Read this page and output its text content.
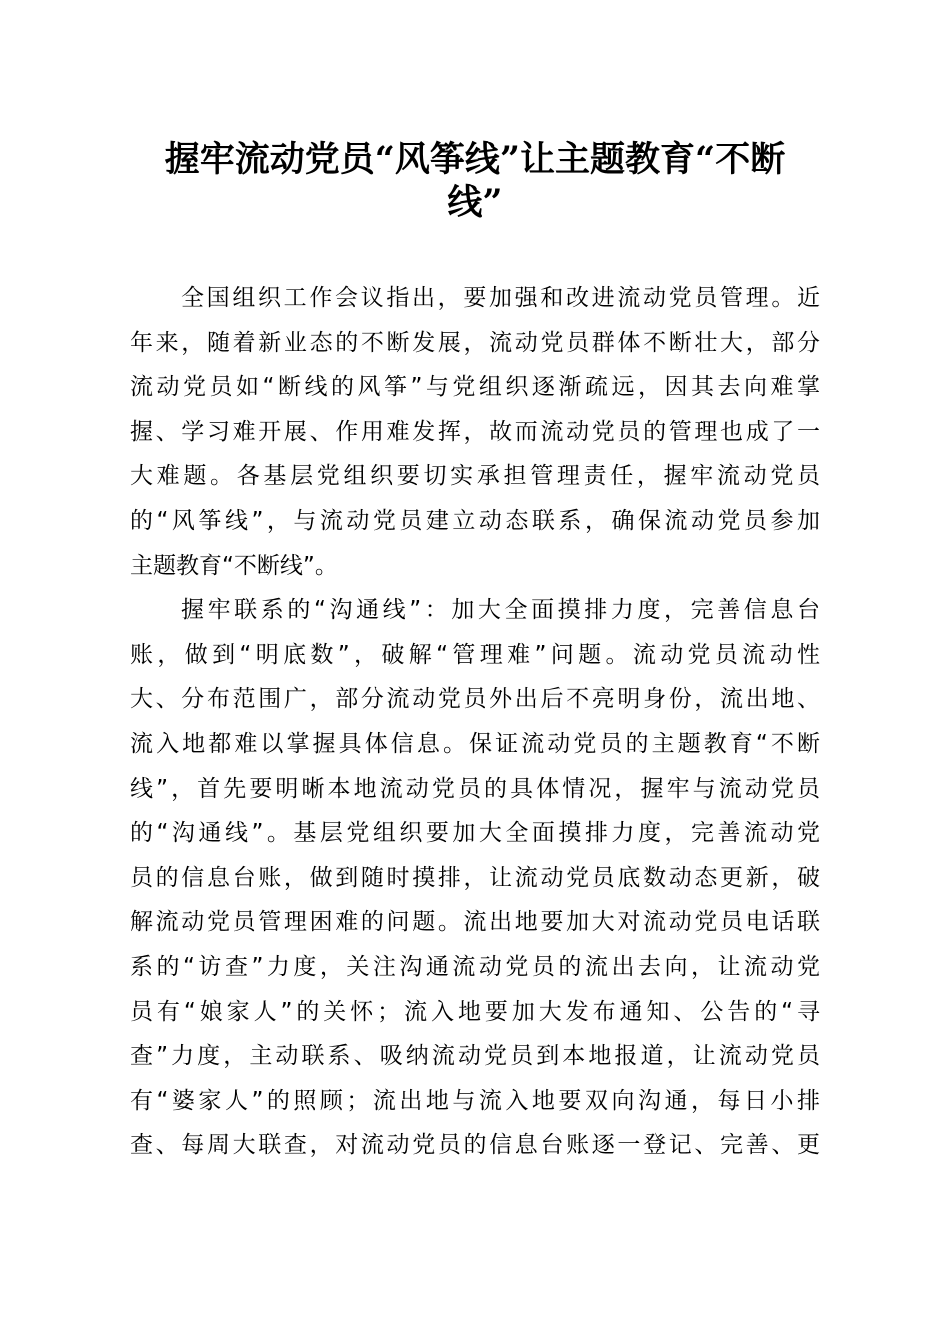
握牢流动党员“风筝线”让主题教育“不断
线”
全国组织工作会议指出，要加强和改进流动党员管理。近
年来，随着新业态的不断发展，流动党员群体不断壮大，部分
流动党员如“断线的风筝”与党组织逐渐疏远，因其去向难掌
握、学习难开展、作用难发挥，故而流动党员的管理也成了一
大难题。各基层党组织要切实承担管理责任，握牢流动党员
的“风筝线”，与流动党员建立动态联系，确保流动党员参加
主题教育“不断线”。
握牢联系的“沟通线”：加大全面摸排力度，完善信息台
账，做到“明底数”，破解“管理难”问题。流动党员流动性
大、分布范围广，部分流动党员外出后不亮明身份，流出地、
流入地都难以掌握具体信息。保证流动党员的主题教育“不断
线”，首先要明晰本地流动党员的具体情况，握牢与流动党员
的“沟通线”。基层党组织要加大全面摸排力度，完善流动党
员的信息台账，做到随时摸排，让流动党员底数动态更新，破
解流动党员管理困难的问题。流出地要加大对流动党员电话联
系的“访查”力度，关注沟通流动党员的流出去向，让流动党
员有“娘家人”的关怀；流入地要加大发布通知、公告的“寻
查”力度，主动联系、吸纳流动党员到本地报道，让流动党员
有“婆家人”的照顾；流出地与流入地要双向沟通，每日小排
查、每周大联查，对流动党员的信息台账逐一登记、完善、更
